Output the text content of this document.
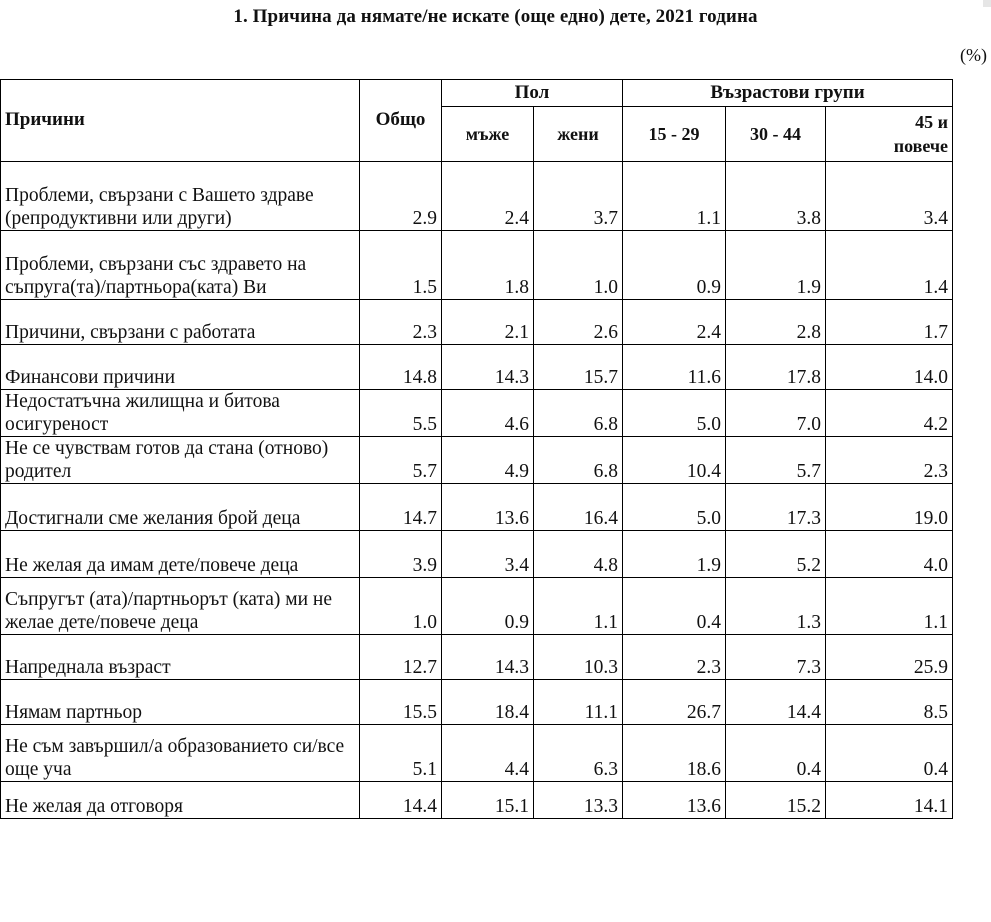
1. Причина да нямате/не искате (още едно) дете, 2021 година
(%)
Причини	Общо	Пол		Възрастови групи		
		мъже	жени	15 - 29	30 - 44	45 и
повече
Проблеми, свързани с Вашето здраве (репродуктивни или други)	2.9	2.4	3.7	1.1	3.8	3.4
Проблеми, свързани със здравето на съпруга(та)/партньора(ката) Ви	1.5	1.8	1.0	0.9	1.9	1.4
Причини, свързани с работата	2.3	2.1	2.6	2.4	2.8	1.7
Финансови причини	14.8	14.3	15.7	11.6	17.8	14.0
Недостатъчна жилищна и битова осигуреност	5.5	4.6	6.8	5.0	7.0	4.2
Не се чувствам готов да стана (отново) родител	5.7	4.9	6.8	10.4	5.7	2.3
Достигнали сме желания брой деца	14.7	13.6	16.4	5.0	17.3	19.0
Не желая да имам дете/повече деца	3.9	3.4	4.8	1.9	5.2	4.0
Съпругът (ата)/партньорът (ката) ми не желае дете/повече деца	1.0	0.9	1.1	0.4	1.3	1.1
Напреднала възраст	12.7	14.3	10.3	2.3	7.3	25.9
Нямам партньор	15.5	18.4	11.1	26.7	14.4	8.5
Не съм завършил/а образованието си/все още уча	5.1	4.4	6.3	18.6	0.4	0.4
Не желая да отговоря	14.4	15.1	13.3	13.6	15.2	14.1
